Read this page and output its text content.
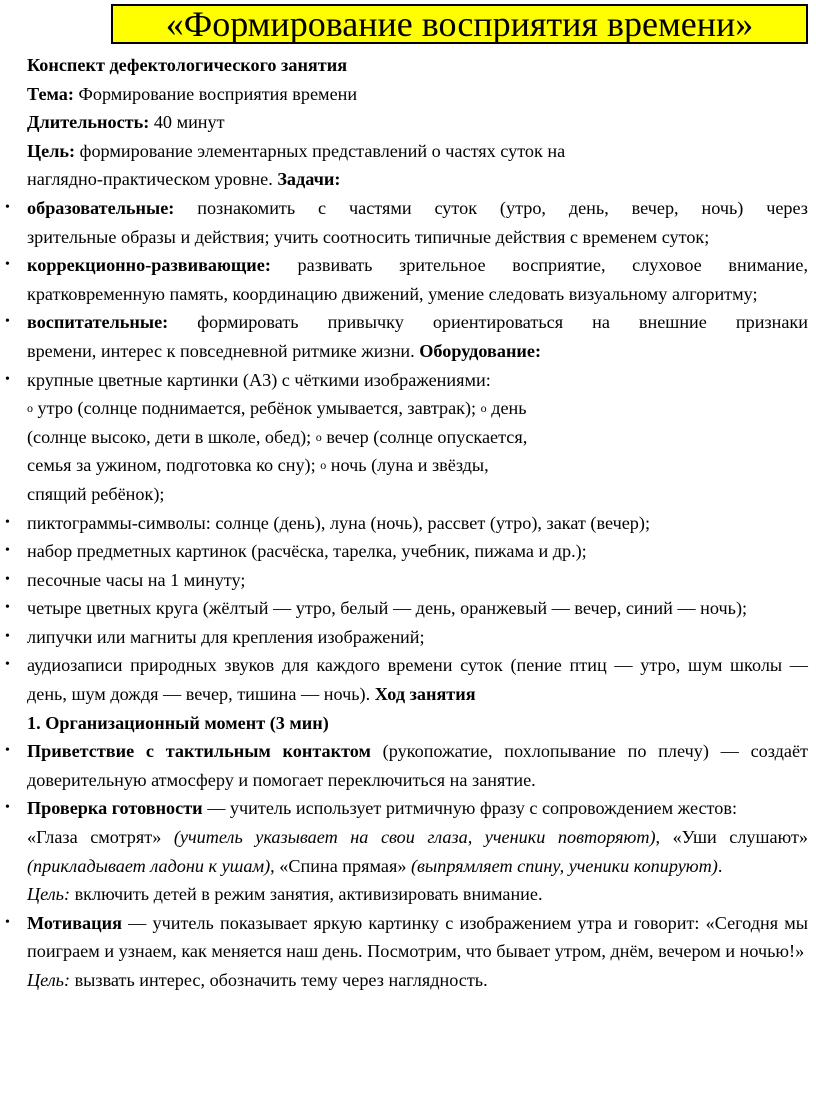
«Формирование восприятия времени»
Конспект дефектологического занятия
Тема: Формирование восприятия времени
Длительность: 40 минут
Цель: формирование элементарных представлений о частях суток на
наглядно-практическом уровне. Задачи:
• образовательные: познакомить с частями суток (утро, день, вечер, ночь) через
зрительные образы и действия; учить соотносить типичные действия с временем суток;
• коррекционно-развивающие: развивать зрительное восприятие, слуховое внимание,
кратковременную память, координацию движений, умение следовать визуальному алгоритму;
• воспитательные: формировать привычку ориентироваться на внешние признаки
времени, интерес к повседневной ритмике жизни. Оборудование:
• крупные цветные картинки (А3) с чёткими изображениями:
o утро (солнце поднимается, ребёнок умывается, завтрак); o день
(солнце высоко, дети в школе, обед); o вечер (солнце опускается,
семья за ужином, подготовка ко сну); o ночь (луна и звёзды,
спящий ребёнок);
• пиктограммы-символы: солнце (день), луна (ночь), рассвет (утро), закат (вечер);
• набор предметных картинок (расчёска, тарелка, учебник, пижама и др.);
• песочные часы на 1 минуту;
• четыре цветных круга (жёлтый — утро, белый — день, оранжевый — вечер, синий — ночь);
• липучки или магниты для крепления изображений;
• аудиозаписи природных звуков для каждого времени суток (пение птиц — утро, шум школы — день, шум дождя — вечер, тишина — ночь). Ход занятия
1. Организационный момент (3 мин)
• Приветствие с тактильным контактом (рукопожатие, похлопывание по плечу) — создаёт доверительную атмосферу и помогает переключиться на занятие.
• Проверка готовности — учитель использует ритмичную фразу с сопровождением жестов:
«Глаза смотрят» (учитель указывает на свои глаза, ученики повторяют), «Уши слушают» (прикладывает ладони к ушам), «Спина прямая» (выпрямляет спину, ученики копируют).
Цель: включить детей в режим занятия, активизировать внимание.
• Мотивация — учитель показывает яркую картинку с изображением утра и говорит: «Сегодня мы поиграем и узнаем, как меняется наш день. Посмотрим, что бывает утром, днём, вечером и ночью!»
Цель: вызвать интерес, обозначить тему через наглядность.
